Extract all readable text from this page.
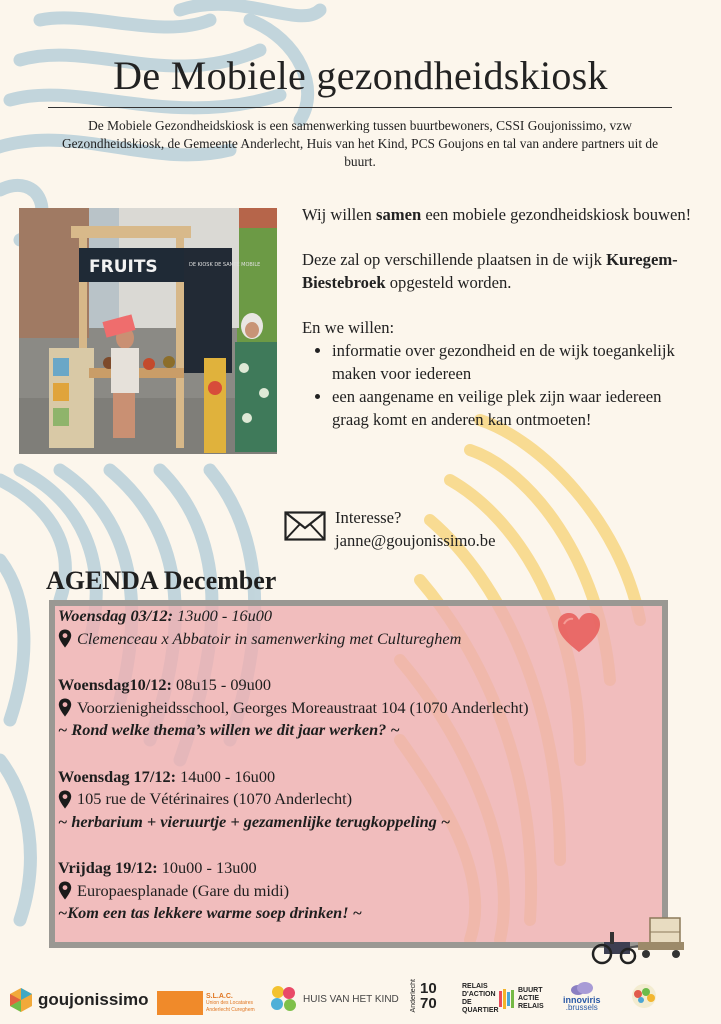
De Mobiele gezondheidskiosk
De Mobiele Gezondheidskiosk is een samenwerking tussen buurtbewoners, CSSI Goujonissimo, vzw Gezondheidskiosk, de Gemeente Anderlecht, Huis van het Kind, PCS Goujons en tal van andere partners uit de buurt.
FRUITS	DE KIOSK DE SANTÉ MOBILE

Wij willen samen een mobiele gezondheidskiosk bouwen!

Deze zal op verschillende plaatsen in de wijk Kuregem-Biestebroek opgesteld worden.

En we willen:

• informatie over gezondheid en de wijk toegankelijk maken voor iedereen
• een aangename en veilige plek zijn waar iedereen graag komt en anderen kan ontmoeten!
Interesse?
janne@goujonissimo.be
AGENDA December
Woensdag 03/12: 13u00 - 16u00
Clemenceau x Abbatoir in samenwerking met Cultureghem
Woensdag10/12: 08u15 - 09u00
Voorzienigheidsschool, Georges Moreaustraat 104 (1070 Anderlecht)
~ Rond welke thema’s willen we dit jaar werken? ~
Woensdag 17/12: 14u00 - 16u00
105 rue de Vétérinaires (1070 Anderlecht)
~ herbarium + vieruurtje + gezamenlijke terugkoppeling ~
Vrijdag 19/12: 10u00 - 13u00
Europaesplanade (Gare du midi)
~Kom een tas lekkere warme soep drinken! ~
goujonissimo	S.L.A.C.
Union des Locataires Anderlecht Cureghem
HUIS VAN HET KIND Anderlecht 1070
RELAIS D'ACTION DE QUARTIER
BUURT ACTIE RELAIS
innoviris
.brussels
